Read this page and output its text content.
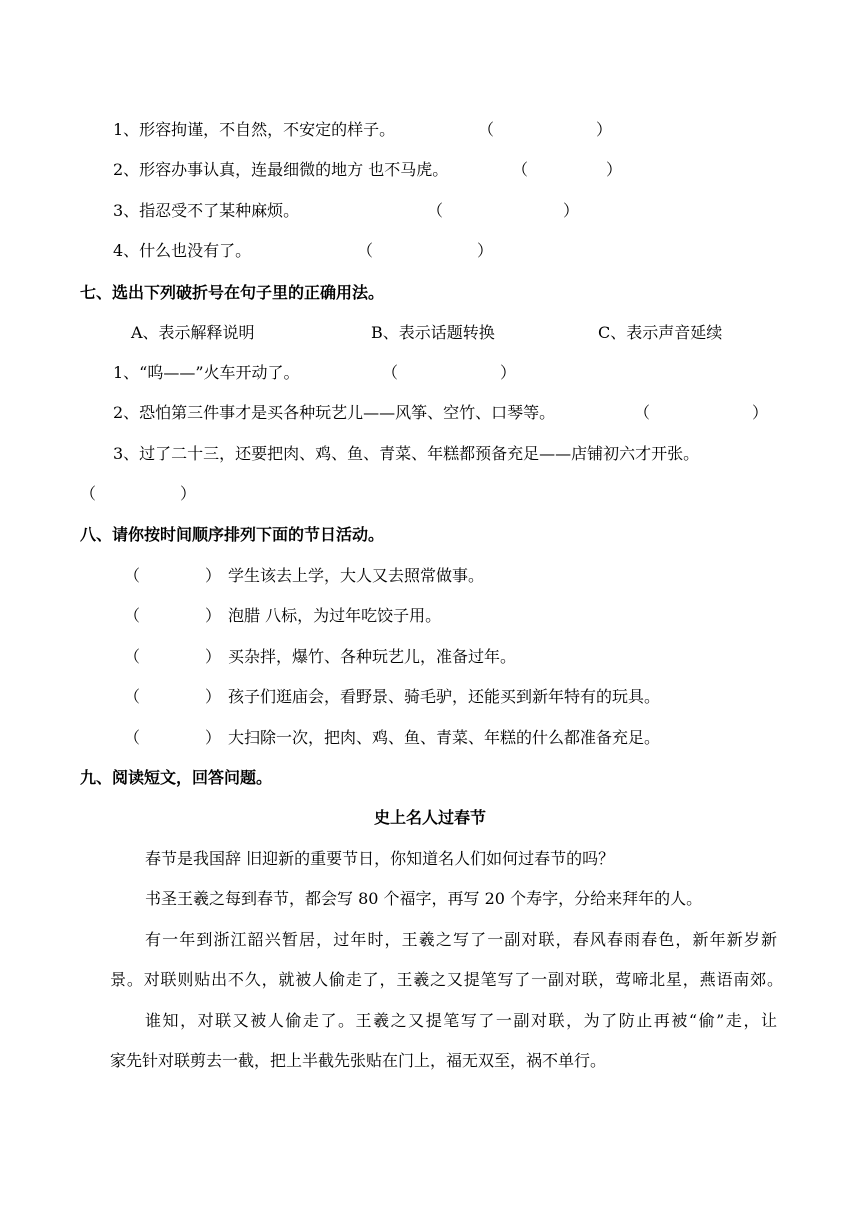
1、形容拘谨，不自然，不安定的样子。	（	）
2、形容办事认真，连最细微的地方 也不马虎。	（	）
3、指忍受不了某种麻烦。	（	）
4、什么也没有了。	（	）
七、选出下列破折号在句子里的正确用法。
A、表示解释说明	B、表示话题转换	C、表示声音延续
1、“呜——”火车开动了。	（	）
2、恐怕第三件事才是买各种玩艺儿——风筝、空竹、口琴等。	（	）
3、过了二十三，还要把肉、鸡、鱼、青菜、年糕都预备充足——店铺初六才开张。
（	）
八、请你按时间顺序排列下面的节日活动。
（	） 学生该去上学，大人又去照常做事。
（	） 泡腊 八标，为过年吃饺子用。
（	） 买杂拌，爆竹、各种玩艺儿，准备过年。
（	） 孩子们逛庙会，看野景、骑毛驴，还能买到新年特有的玩具。
（	） 大扫除一次，把肉、鸡、鱼、青菜、年糕的什么都准备充足。
九、阅读短文，回答问题。
史上名人过春节
春节是我国辞 旧迎新的重要节日，你知道名人们如何过春节的吗？
书圣王羲之每到春节，都会写 80 个福字，再写 20 个寿字，分给来拜年的人。
有一年到浙江韶兴暂居，过年时，王羲之写了一副对联，春风春雨春色，新年新岁新
景。对联则贴出不久，就被人偷走了，王羲之又提笔写了一副对联，莺啼北星，燕语南郊。
谁知，对联又被人偷走了。王羲之又提笔写了一副对联，为了防止再被“偷”走，让
家先针对联剪去一截，把上半截先张贴在门上，福无双至，祸不单行。
